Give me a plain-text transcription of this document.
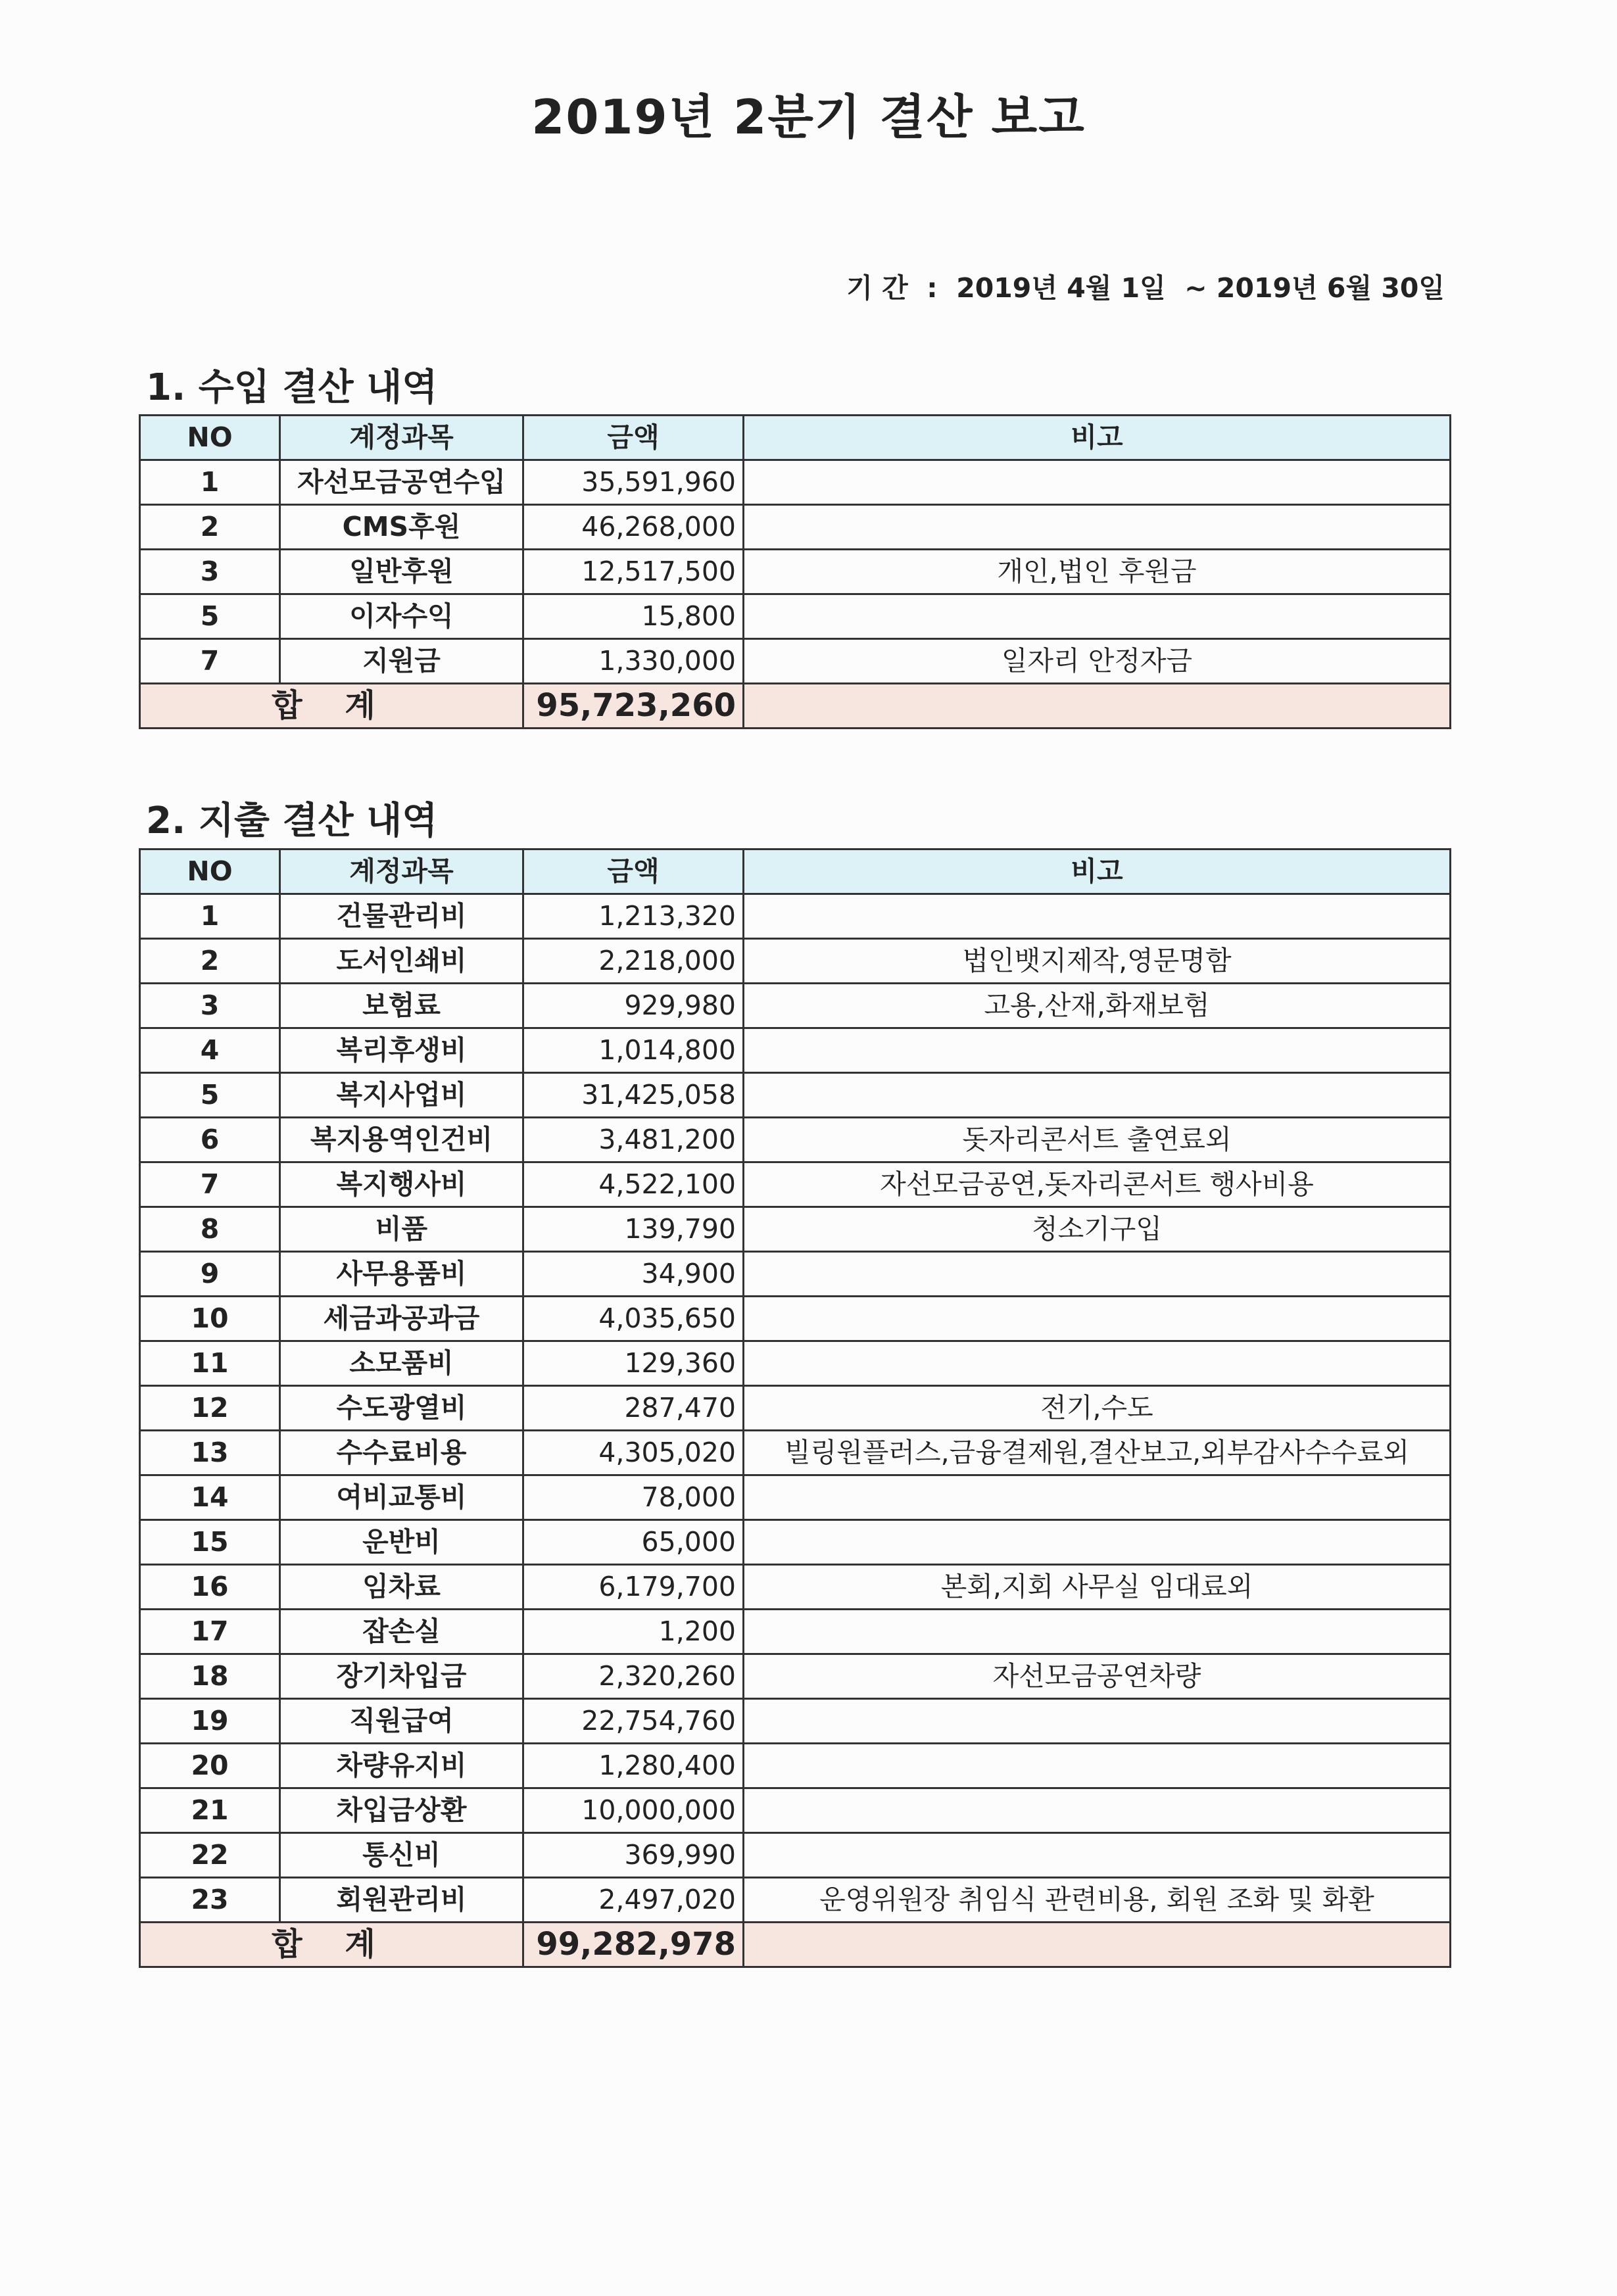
2019년 2분기 결산 보고
기 간  :  2019년 4월 1일  ~ 2019년 6월 30일
1. 수입 결산 내역
NO	계정과목	금액	비고
1	자선모금공연수입	35,591,960	
2	CMS후원	46,268,000	
3	일반후원	12,517,500	개인,법인 후원금
5	이자수익	15,800	
7	지원금	1,330,000	일자리 안정자금
합 계		95,723,260	
2. 지출 결산 내역
NO	계정과목	금액	비고
1	건물관리비	1,213,320	
2	도서인쇄비	2,218,000	법인뱃지제작,영문명함
3	보험료	929,980	고용,산재,화재보험
4	복리후생비	1,014,800	
5	복지사업비	31,425,058	
6	복지용역인건비	3,481,200	돗자리콘서트 출연료외
7	복지행사비	4,522,100	자선모금공연,돗자리콘서트 행사비용
8	비품	139,790	청소기구입
9	사무용품비	34,900	
10	세금과공과금	4,035,650	
11	소모품비	129,360	
12	수도광열비	287,470	전기,수도
13	수수료비용	4,305,020	빌링원플러스,금융결제원,결산보고,외부감사수수료외
14	여비교통비	78,000	
15	운반비	65,000	
16	임차료	6,179,700	본회,지회 사무실 임대료외
17	잡손실	1,200	
18	장기차입금	2,320,260	자선모금공연차량
19	직원급여	22,754,760	
20	차량유지비	1,280,400	
21	차입금상환	10,000,000	
22	통신비	369,990	
23	회원관리비	2,497,020	운영위원장 취임식 관련비용, 회원 조화 및 화환
합 계		99,282,978	
